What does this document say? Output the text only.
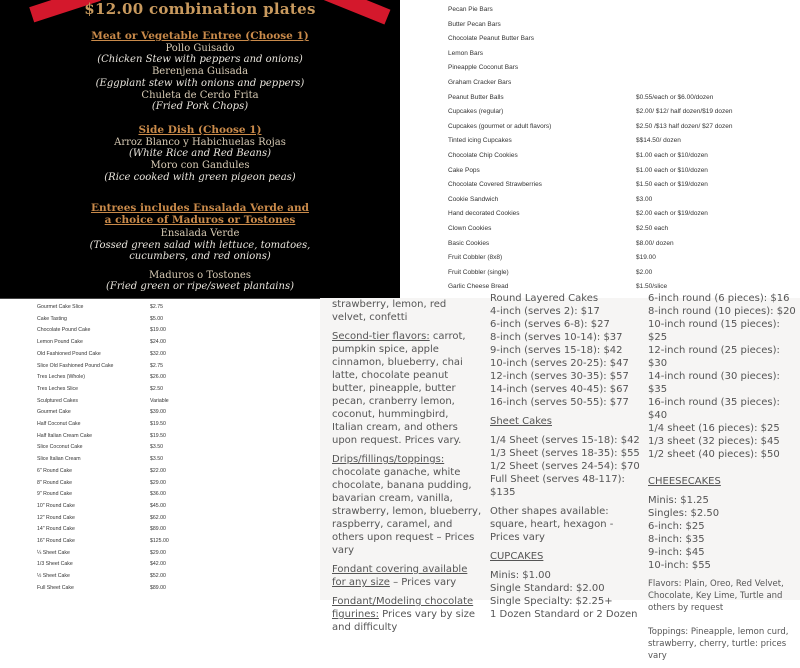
$12.00 combination plates
Meat or Vegetable Entree (Choose 1)
Pollo Guisado
(Chicken Stew with peppers and onions)
Berenjena Guisada
(Eggplant stew with onions and peppers)
Chuleta de Cerdo Frita
(Fried Pork Chops)
Side Dish (Choose 1)
Arroz Blanco y Habichuelas Rojas
(White Rice and Red Beans)
Moro con Gandules
(Rice cooked with green pigeon peas)
Entrees includes Ensalada Verde and
a choice of Maduros or Tostones
Ensalada Verde
(Tossed green salad with lettuce, tomatoes,
cucumbers, and red onions)
Maduros o Tostones
(Fried green or ripe/sweet plantains)
Pecan Pie Bars
Butter Pecan Bars
Chocolate Peanut Butter Bars
Lemon Bars
Pineapple Coconut Bars
Graham Cracker Bars
Peanut Butter Balls	$0.55/each or $6.00/dozen
Cupcakes (regular)	$2.00/ $12/ half dozen/$19 dozen
Cupcakes (gourmet or adult flavors)	$2.50 /$13 half dozen/ $27 dozen
Tinted icing Cupcakes	$$14.50/ dozen
Chocolate Chip Cookies	$1.00 each or $10/dozen
Cake Pops	$1.00 each or $10/dozen
Chocolate Covered Strawberries	$1.50 each or $19/dozen
Cookie Sandwich	$3.00
Hand decorated Cookies	$2.00 each or $19/dozen
Clown Cookies	$2.50 each
Basic Cookies	$8.00/ dozen
Fruit Cobbler (8x8)	$19.00
Fruit Cobbler (single)	$2.00
Garlic Cheese Bread	$1.50/slice
Gourmet Cake Slice	$2.75
Cake Tasting	$5.00
Chocolate Pound Cake	$19.00
Lemon Pound Cake	$24.00
Old Fashioned Pound Cake	$32.00
Slice Old Fashioned Pound Cake	$2.75
Tres Leches (Whole)	$26.00
Tres Leches Slice	$2.50
Sculptured Cakes	Variable
Gourmet Cake	$39.00
Half Coconut Cake	$19.50
Half Italian Cream Cake	$19.50
Slice Coconut Cake	$3.50
Slice Italian Cream	$3.50
6" Round Cake	$22.00
8" Round Cake	$29.00
9" Round Cake	$36.00
10" Round Cake	$45.00
12" Round Cake	$62.00
14" Round Cake	$89.00
16" Round Cake	$125.00
¼ Sheet Cake	$29.00
1/3 Sheet Cake	$42.00
½ Sheet Cake	$52.00
Full Sheet Cake	$89.00

strawberry, lemon, red velvet, confetti

Second-tier flavors: carrot, pumpkin spice, apple cinnamon, blueberry, chai latte, chocolate peanut butter, pineapple, butter pecan, cranberry lemon, coconut, hummingbird, Italian cream, and others upon request. Prices vary.

Drips/fillings/toppings: chocolate ganache, white chocolate, banana pudding, bavarian cream, vanilla, strawberry, lemon, blueberry, raspberry, caramel, and others upon request – Prices vary

Fondant covering available for any size – Prices vary

Fondant/Modeling chocolate figurines: Prices vary by size and difficulty

Round Layered Cakes
4-inch (serves 2): $17
6-inch (serves 6-8): $27
8-inch (serves 10-14): $37
9-inch (serves 15-18): $42
10-inch (serves 20-25): $47
12-inch (serves 30-35): $57
14-inch (serves 40-45): $67
16-inch (serves 50-55): $77

Sheet Cakes

1/4 Sheet (serves 15-18): $42
1/3 Sheet (serves 18-35): $55
1/2 Sheet (serves 24-54): $70
Full Sheet (serves 48-117): $135

Other shapes available: square, heart, hexagon - Prices vary

CUPCAKES

Minis: $1.00
Single Standard: $2.00
Single Specialty: $2.25+
1 Dozen Standard or 2 Dozen
6-inch round (6 pieces): $16
8-inch round (10 pieces): $20
10-inch round (15 pieces): $25
12-inch round (25 pieces): $30
14-inch round (30 pieces): $35
16-inch round (35 pieces): $40
1/4 sheet (16 pieces): $25
1/3 sheet (32 pieces): $45
1/2 sheet (40 pieces): $50

CHEESECAKES

Minis: $1.25
Singles: $2.50
6-inch: $25
8-inch: $35
9-inch: $45
10-inch: $55

Flavors: Plain, Oreo, Red Velvet, Chocolate, Key Lime, Turtle and others by request

Toppings: Pineapple, lemon curd, strawberry, cherry, turtle: prices vary
